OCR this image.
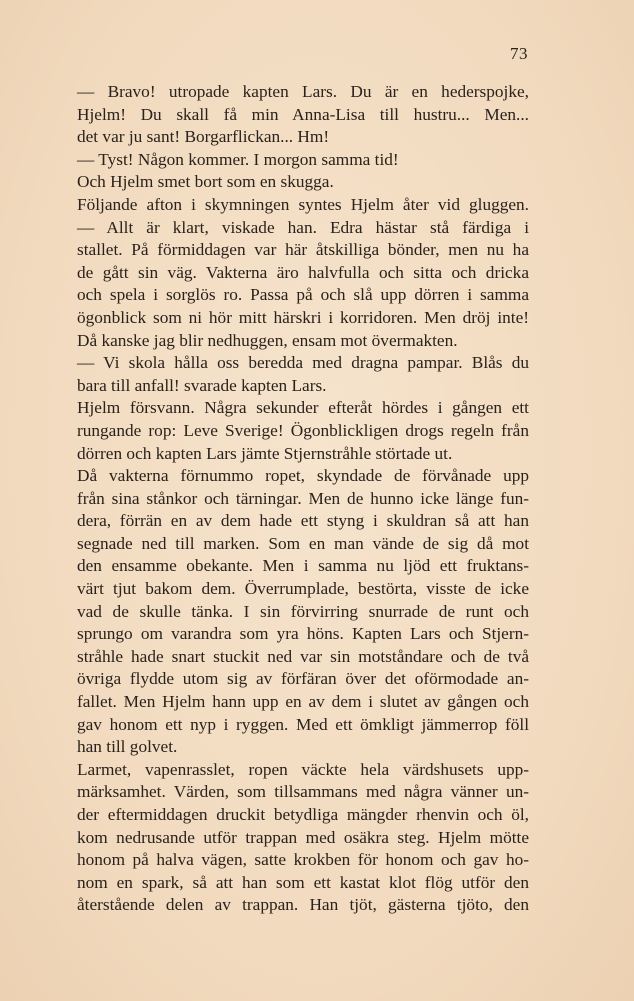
73
— Bravo! utropade kapten Lars. Du är en hederspojke,
Hjelm! Du skall få min Anna-Lisa till hustru... Men...
det var ju sant! Borgarflickan... Hm!
— Tyst! Någon kommer. I morgon samma tid!
Och Hjelm smet bort som en skugga.
Följande afton i skymningen syntes Hjelm åter vid gluggen.
— Allt är klart, viskade han. Edra hästar stå färdiga i
stallet. På förmiddagen var här åtskilliga bönder, men nu ha
de gått sin väg. Vakterna äro halvfulla och sitta och dricka
och spela i sorglös ro. Passa på och slå upp dörren i samma
ögonblick som ni hör mitt härskri i korridoren. Men dröj inte!
Då kanske jag blir nedhuggen, ensam mot övermakten.
— Vi skola hålla oss beredda med dragna pampar. Blås du
bara till anfall! svarade kapten Lars.
Hjelm försvann. Några sekunder efteråt hördes i gången ett
rungande rop: Leve Sverige! Ögonblickligen drogs regeln från
dörren och kapten Lars jämte Stjernstråhle störtade ut.
Då vakterna förnummo ropet, skyndade de förvånade upp
från sina stånkor och tärningar. Men de hunno icke länge fun-
dera, förrän en av dem hade ett styng i skuldran så att han
segnade ned till marken. Som en man vände de sig då mot
den ensamme obekante. Men i samma nu ljöd ett fruktans-
värt tjut bakom dem. Överrumplade, bestörta, visste de icke
vad de skulle tänka. I sin förvirring snurrade de runt och
sprungo om varandra som yra höns. Kapten Lars och Stjern-
stråhle hade snart stuckit ned var sin motståndare och de två
övriga flydde utom sig av förfäran över det oförmodade an-
fallet. Men Hjelm hann upp en av dem i slutet av gången och
gav honom ett nyp i ryggen. Med ett ömkligt jämmerrop föll
han till golvet.
Larmet, vapenrasslet, ropen väckte hela värdshusets upp-
märksamhet. Värden, som tillsammans med några vänner un-
der eftermiddagen druckit betydliga mängder rhenvin och öl,
kom nedrusande utför trappan med osäkra steg. Hjelm mötte
honom på halva vägen, satte krokben för honom och gav ho-
nom en spark, så att han som ett kastat klot flög utför den
återstående delen av trappan. Han tjöt, gästerna tjöto, den
